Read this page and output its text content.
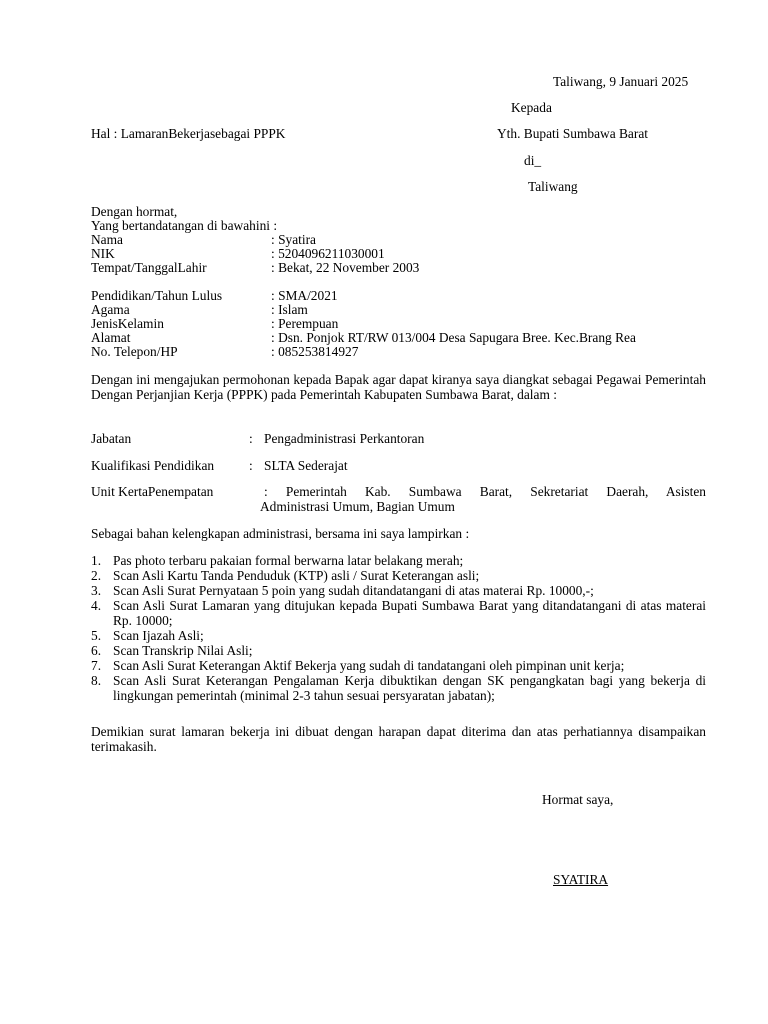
Taliwang, 9 Januari 2025
Kepada
Hal : LamaranBekerjasebagai PPPK	Yth. Bupati Sumbawa Barat
di_
Taliwang
Dengan hormat,
Yang bertandatangan di bawahini :
Nama	: Syatira
NIK	: 5204096211030001
Tempat/TanggalLahir	: Bekat, 22 November 2003
Pendidikan/Tahun Lulus	: SMA/2021
Agama	: Islam
JenisKelamin	: Perempuan
Alamat	: Dsn. Ponjok RT/RW 013/004 Desa Sapugara Bree. Kec.Brang Rea
No. Telepon/HP	: 085253814927
Dengan ini mengajukan permohonan kepada Bapak agar dapat kiranya saya diangkat sebagai Pegawai Pemerintah Dengan Perjanjian Kerja (PPPK) pada Pemerintah Kabupaten Sumbawa Barat, dalam :
Jabatan	: Pengadministrasi Perkantoran
Kualifikasi Pendidikan	: SLTA Sederajat
Unit KertaPenempatan	: Pemerintah Kab. Sumbawa Barat, Sekretariat Daerah, Asisten
Administrasi Umum, Bagian Umum
Sebagai bahan kelengkapan administrasi, bersama ini saya lampirkan :
1. Pas photo terbaru pakaian formal berwarna latar belakang merah;
2. Scan Asli Kartu Tanda Penduduk (KTP) asli / Surat Keterangan asli;
3. Scan Asli Surat Pernyataan 5 poin yang sudah ditandatangani di atas materai Rp. 10000,-;
4. Scan Asli Surat Lamaran yang ditujukan kepada Bupati Sumbawa Barat yang ditandatangani di atas materai Rp. 10000;
5. Scan Ijazah Asli;
6. Scan Transkrip Nilai Asli;
7. Scan Asli Surat Keterangan Aktif Bekerja yang sudah di tandatangani oleh pimpinan unit kerja;
8. Scan Asli Surat Keterangan Pengalaman Kerja dibuktikan dengan SK pengangkatan bagi yang bekerja di lingkungan pemerintah (minimal 2-3 tahun sesuai persyaratan jabatan);
Demikian surat lamaran bekerja ini dibuat dengan harapan dapat diterima dan atas perhatiannya disampaikan terimakasih.
Hormat saya,
SYATIRA
